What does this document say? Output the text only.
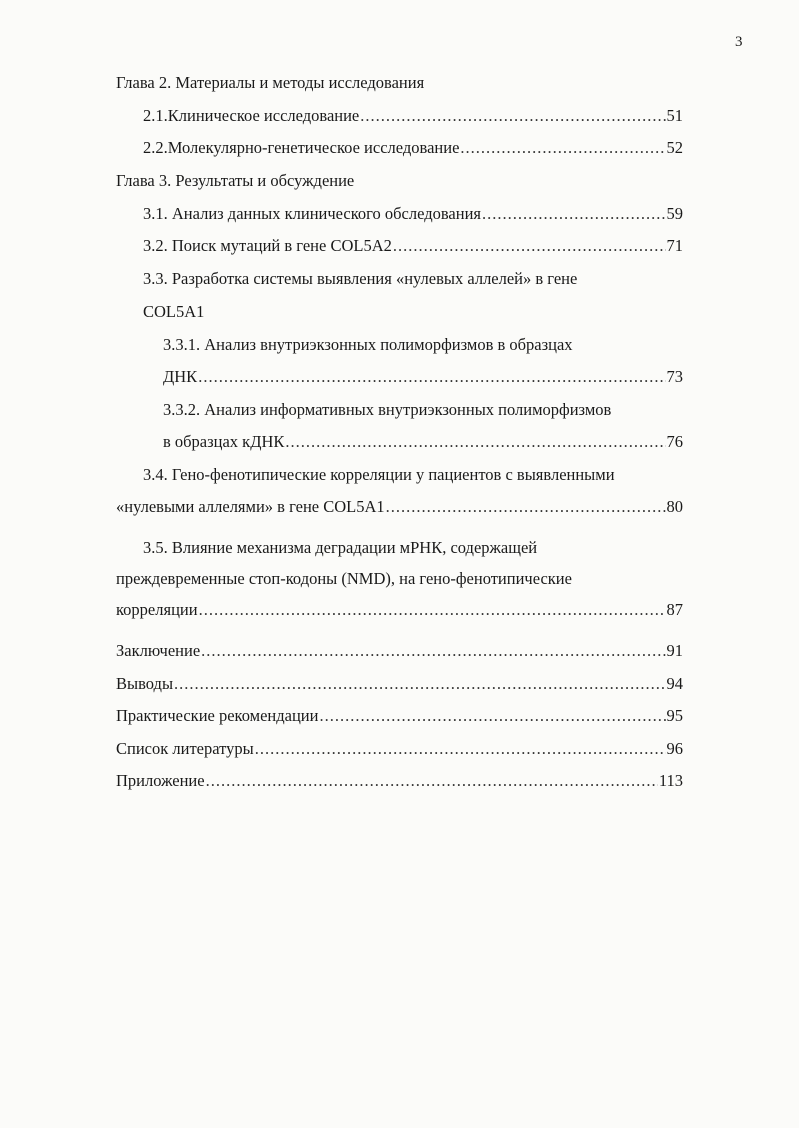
3
Глава 2. Материалы и методы исследования
2.1.Клиническое исследование .....	51
2.2.Молекулярно-генетическое исследование .....	52
Глава 3. Результаты и обсуждение
3.1. Анализ данных клинического обследования .....	59
3.2. Поиск мутаций в гене COL5A2 .....	71
3.3. Разработка системы выявления «нулевых аллелей» в гене
COL5A1
3.3.1. Анализ внутриэкзонных полиморфизмов в образцах
ДНК .....	73
3.3.2. Анализ информативных внутриэкзонных полиморфизмов
в образцах кДНК .....	76
3.4. Гено-фенотипические корреляции у пациентов с выявленными
«нулевыми аллелями» в гене COL5A1 .....	80
3.5. Влияние механизма деградации мРНК, содержащей
преждевременные стоп-кодоны (NMD), на гено-фенотипические
корреляции .....	87
Заключение .....	91
Выводы .....	94
Практические рекомендации .....	95
Список литературы .....	96
Приложение .....	113
